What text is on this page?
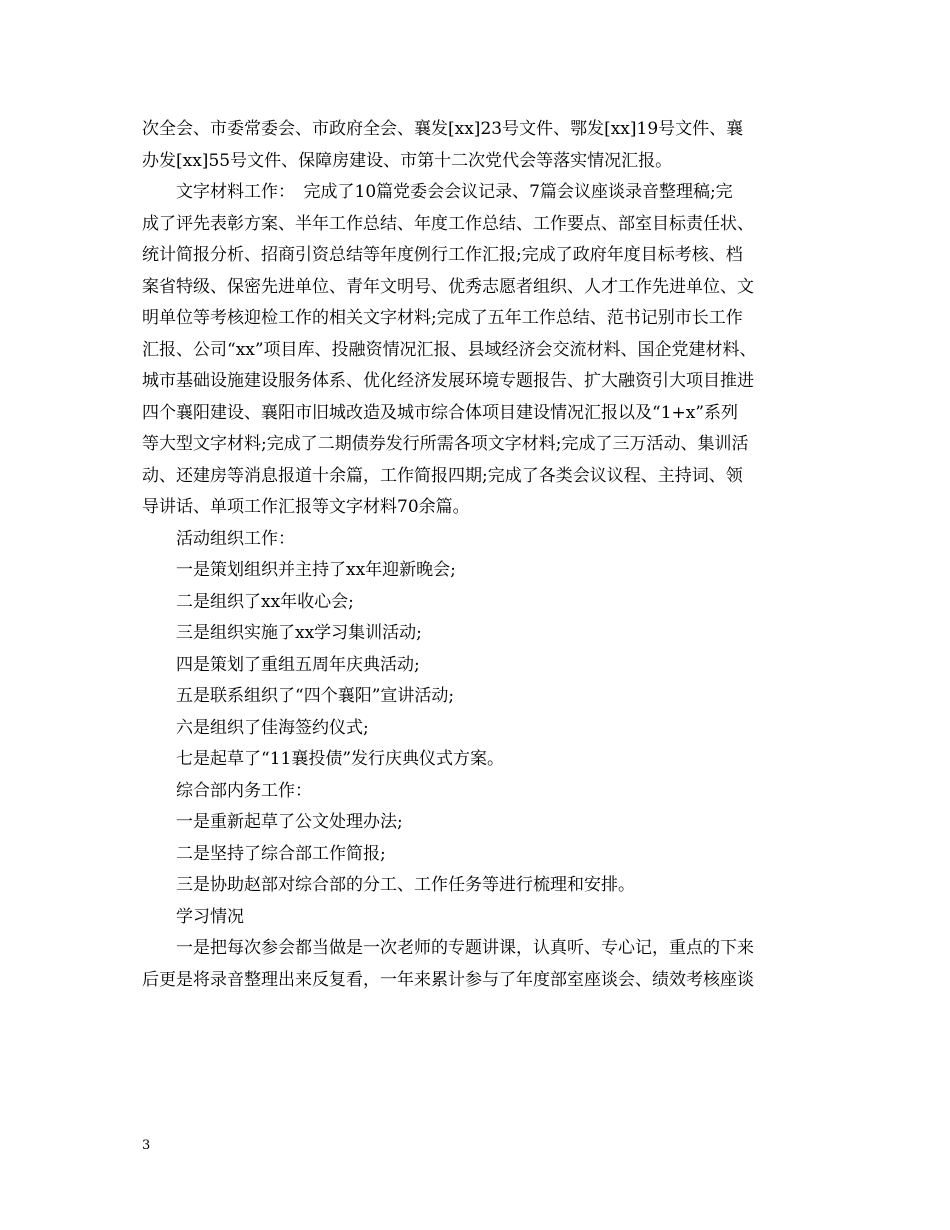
次全会、市委常委会、市政府全会、襄发[xx]23号文件、鄂发[xx]19号文件、襄
办发[xx]55号文件、保障房建设、市第十二次党代会等落实情况汇报。
文字材料工作：　完成了10篇党委会会议记录、7篇会议座谈录音整理稿;完
成了评先表彰方案、半年工作总结、年度工作总结、工作要点、部室目标责任状、
统计简报分析、招商引资总结等年度例行工作汇报;完成了政府年度目标考核、档
案省特级、保密先进单位、青年文明号、优秀志愿者组织、人才工作先进单位、文
明单位等考核迎检工作的相关文字材料;完成了五年工作总结、范书记别市长工作
汇报、公司“xx”项目库、投融资情况汇报、县域经济会交流材料、国企党建材料、
城市基础设施建设服务体系、优化经济发展环境专题报告、扩大融资引大项目推进
四个襄阳建设、襄阳市旧城改造及城市综合体项目建设情况汇报以及“1+x”系列
等大型文字材料;完成了二期债券发行所需各项文字材料;完成了三万活动、集训活
动、还建房等消息报道十余篇，工作简报四期;完成了各类会议议程、主持词、领
导讲话、单项工作汇报等文字材料70余篇。
活动组织工作：
一是策划组织并主持了xx年迎新晚会;
二是组织了xx年收心会;
三是组织实施了xx学习集训活动;
四是策划了重组五周年庆典活动;
五是联系组织了“四个襄阳”宣讲活动;
六是组织了佳海签约仪式;
七是起草了“11襄投债”发行庆典仪式方案。
综合部内务工作：
一是重新起草了公文处理办法;
二是坚持了综合部工作简报;
三是协助赵部对综合部的分工、工作任务等进行梳理和安排。
学习情况
一是把每次参会都当做是一次老师的专题讲课，认真听、专心记，重点的下来
后更是将录音整理出来反复看，一年来累计参与了年度部室座谈会、绩效考核座谈
3
